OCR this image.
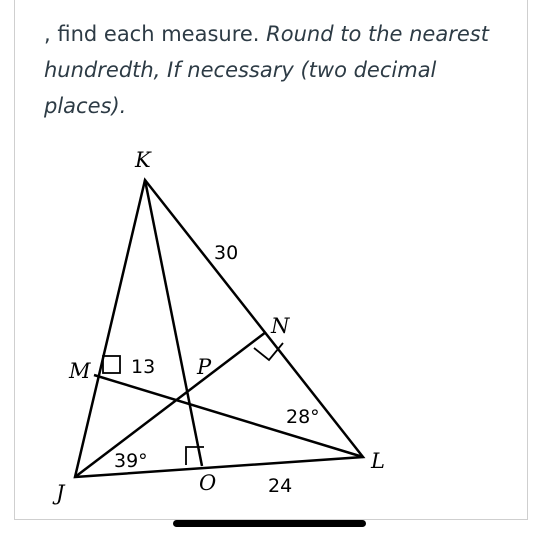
, find each measure. Round to the nearest
hundredth, If necessary (two decimal
places).
K
M	P
N
J	O
L
30
13
28°
39°
24
